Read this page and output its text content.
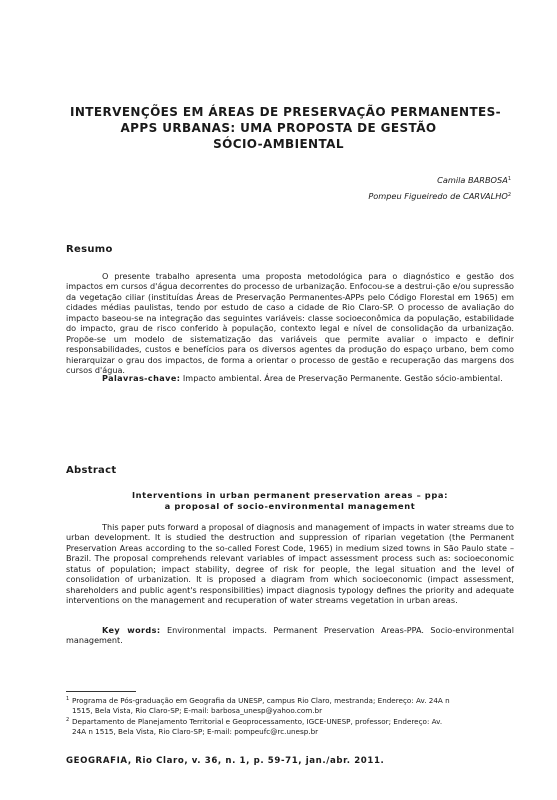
INTERVENÇÕES EM ÁREAS DE PRESERVAÇÃO PERMANENTES-
APPS URBANAS: UMA PROPOSTA DE GESTÃO
SÓCIO-AMBIENTAL
Camila BARBOSA$^1$
Pompeu Figueiredo de CARVALHO$^2$
Resumo

O presente trabalho apresenta uma proposta metodológica para o diagnóstico e gestão dos impactos em cursos d'água decorrentes do processo de urbanização. Enfocou-se a destrui-ção e/ou supressão da vegetação ciliar (instituídas Áreas de Preservação Permanentes-APPs pelo Código Florestal em 1965) em cidades médias paulistas, tendo por estudo de caso a cidade de Rio Claro-SP. O processo de avaliação do impacto baseou-se na integração das seguintes variáveis: classe socioeconômica da população, estabilidade do impacto, grau de risco conferido à população, contexto legal e nível de consolidação da urbanização. Propõe-se um modelo de sistematização das variáveis que permite avaliar o impacto e definir responsabilidades, custos e benefícios para os diversos agentes da produção do espaço urbano, bem como hierarquizar o grau dos impactos, de forma a orientar o processo de gestão e recuperação das margens dos cursos d'água.

Palavras-chave: Impacto ambiental. Área de Preservação Permanente. Gestão sócio-ambiental.

Abstract
Interventions in urban permanent preservation areas – ppa:
a proposal of socio-environmental management

This paper puts forward a proposal of diagnosis and management of impacts in water streams due to urban development. It is studied the destruction and suppression of riparian vegetation (the Permanent Preservation Areas according to the so-called Forest Code, 1965) in medium sized towns in São Paulo state – Brazil. The proposal comprehends relevant variables of impact assessment process such as: socioeconomic status of population; impact stability, degree of risk for people, the legal situation and the level of consolidation of urbanization. It is proposed a diagram from which socioeconomic (impact assessment, shareholders and public agent's responsibilities) impact diagnosis typology defines the priority and adequate interventions on the management and recuperation of water streams vegetation in urban areas.

Key words: Environmental impacts. Permanent Preservation Areas-PPA. Socio-environmental management.

1 Programa de Pós-graduação em Geografia da UNESP, campus Rio Claro, mestranda; Endereço: Av. 24A n
1515, Bela Vista, Rio Claro-SP; E-mail: barbosa_unesp@yahoo.com.br
2 Departamento de Planejamento Territorial e Geoprocessamento, IGCE-UNESP, professor; Endereço: Av.
24A n 1515, Bela Vista, Rio Claro-SP; E-mail: pompeufc@rc.unesp.br
GEOGRAFIA, Rio Claro, v. 36, n. 1, p. 59-71, jan./abr. 2011.
